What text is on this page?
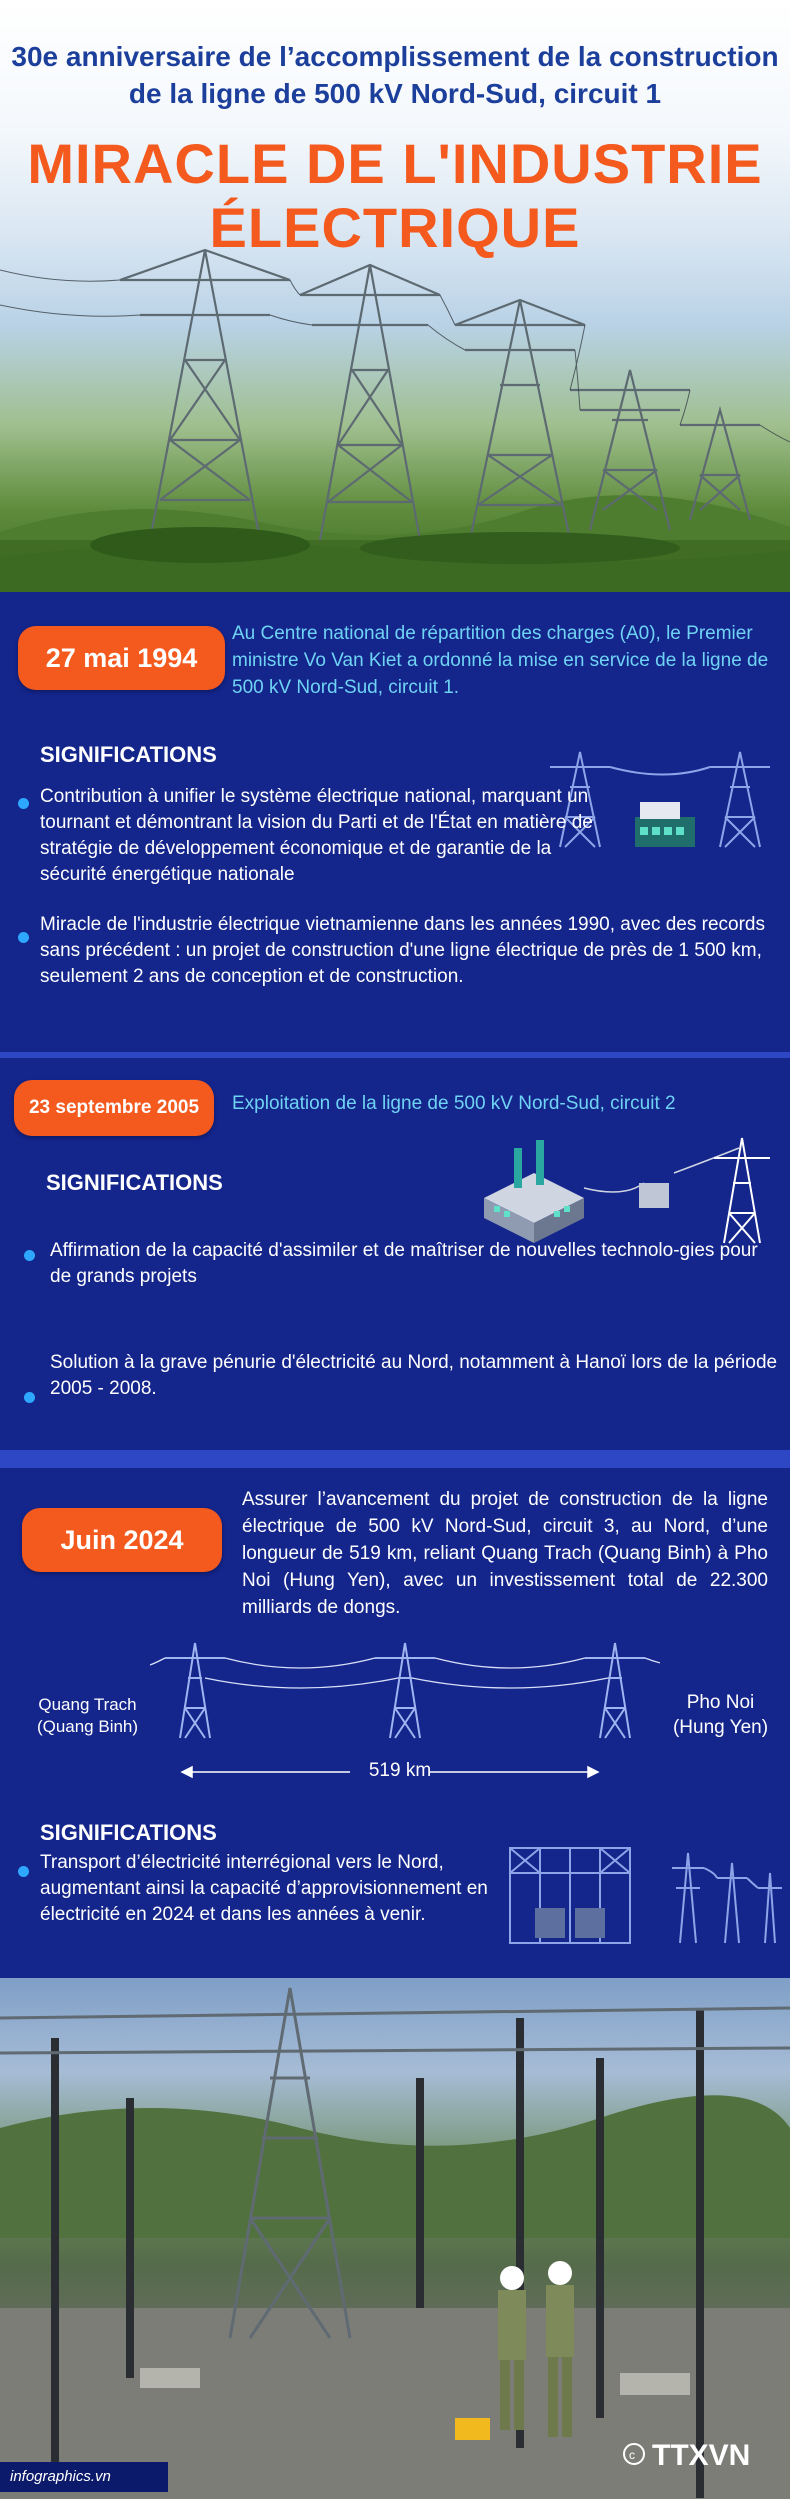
30e anniversaire de l’accomplissement de la construction de la ligne de 500 kV Nord-Sud, circuit 1
MIRACLE DE L'INDUSTRIE
ÉLECTRIQUE
27 mai 1994
Au Centre national de répartition des charges (A0), le Premier ministre Vo Van Kiet a ordonné la mise en service de la ligne de 500 kV Nord-Sud, circuit 1.
SIGNIFICATIONS
Contribution à unifier le système électrique national, marquant un tournant et démontrant la vision du Parti et de l'État en matière de stratégie de développement économique et de garantie de la sécurité énergétique nationale
Miracle de l'industrie électrique vietnamienne dans les années 1990, avec des records sans précédent : un projet de construction d'une ligne électrique de près de 1 500 km, seulement 2 ans de conception et de construction.
23 septembre 2005	Exploitation de la ligne de 500 kV Nord-Sud, circuit 2
SIGNIFICATIONS
Affirmation de la capacité d'assimiler et de maîtriser de nouvelles technolo-gies pour de grands projets
Solution à la grave pénurie d'électricité au Nord, notamment à Hanoï lors de la période 2005 - 2008.
Juin 2024
Assurer l’avancement du projet de construction de la ligne électrique de 500 kV Nord-Sud, circuit 3, au Nord, d’une longueur de 519 km, reliant Quang Trach (Quang Binh) à Pho Noi (Hung Yen), avec un investissement total de 22.300 milliards de dongs.
Quang Trach
(Quang Binh)
Pho Noi
(Hung Yen)
519 km
SIGNIFICATIONS
Transport d’électricité interrégional vers le Nord, augmentant ainsi la capacité d’approvisionnement en électricité en 2024 et dans les années à venir.
infographics.vn
c TTXVN
